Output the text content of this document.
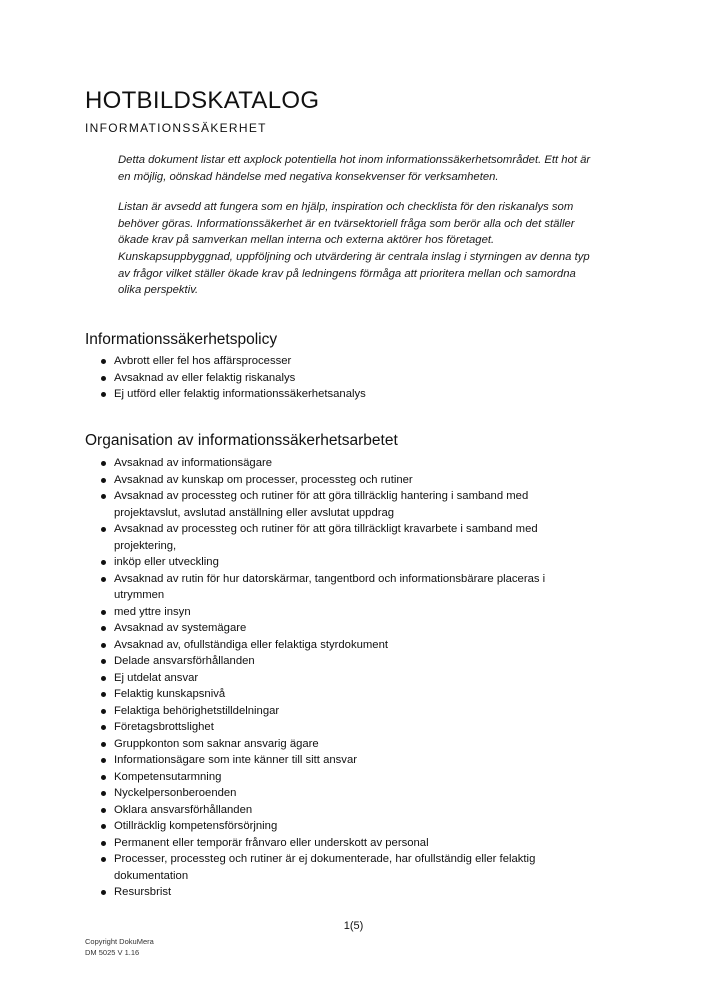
HOTBILDSKATALOG
INFORMATIONSSÄKERHET

Detta dokument listar ett axplock potentiella hot inom informationssäkerhetsområdet. Ett hot är en möjlig, oönskad händelse med negativa konsekvenser för verksamheten.

Listan är avsedd att fungera som en hjälp, inspiration och checklista för den riskanalys som behöver göras. Informationssäkerhet är en tvärsektoriell fråga som berör alla och det ställer ökade krav på samverkan mellan interna och externa aktörer hos företaget. Kunskapsuppbyggnad, uppföljning och utvärdering är centrala inslag i styrningen av denna typ av frågor vilket ställer ökade krav på ledningens förmåga att prioritera mellan och samordna olika perspektiv.

Informationssäkerhetspolicy
Avbrott eller fel hos affärsprocesser
Avsaknad av eller felaktig riskanalys
Ej utförd eller felaktig informationssäkerhetsanalys
Organisation av informationssäkerhetsarbetet
Avsaknad av informationsägare
Avsaknad av kunskap om processer, processteg och rutiner
Avsaknad av processteg och rutiner för att göra tillräcklig hantering i samband med projektavslut, avslutad anställning eller avslutat uppdrag
Avsaknad av processteg och rutiner för att göra tillräckligt kravarbete i samband med projektering,
inköp eller utveckling
Avsaknad av rutin för hur datorskärmar, tangentbord och informationsbärare placeras i utrymmen
med yttre insyn
Avsaknad av systemägare
Avsaknad av, ofullständiga eller felaktiga styrdokument
Delade ansvarsförhållanden
Ej utdelat ansvar
Felaktig kunskapsnivå
Felaktiga behörighetstilldelningar
Företagsbrottslighet
Gruppkonton som saknar ansvarig ägare
Informationsägare som inte känner till sitt ansvar
Kompetensutarmning
Nyckelpersonberoenden
Oklara ansvarsförhållanden
Otillräcklig kompetensförsörjning
Permanent eller temporär frånvaro eller underskott av personal
Processer, processteg och rutiner är ej dokumenterade, har ofullständig eller felaktig dokumentation
Resursbrist
1(5)
Copyright DokuMera
DM 5025 V 1.16
